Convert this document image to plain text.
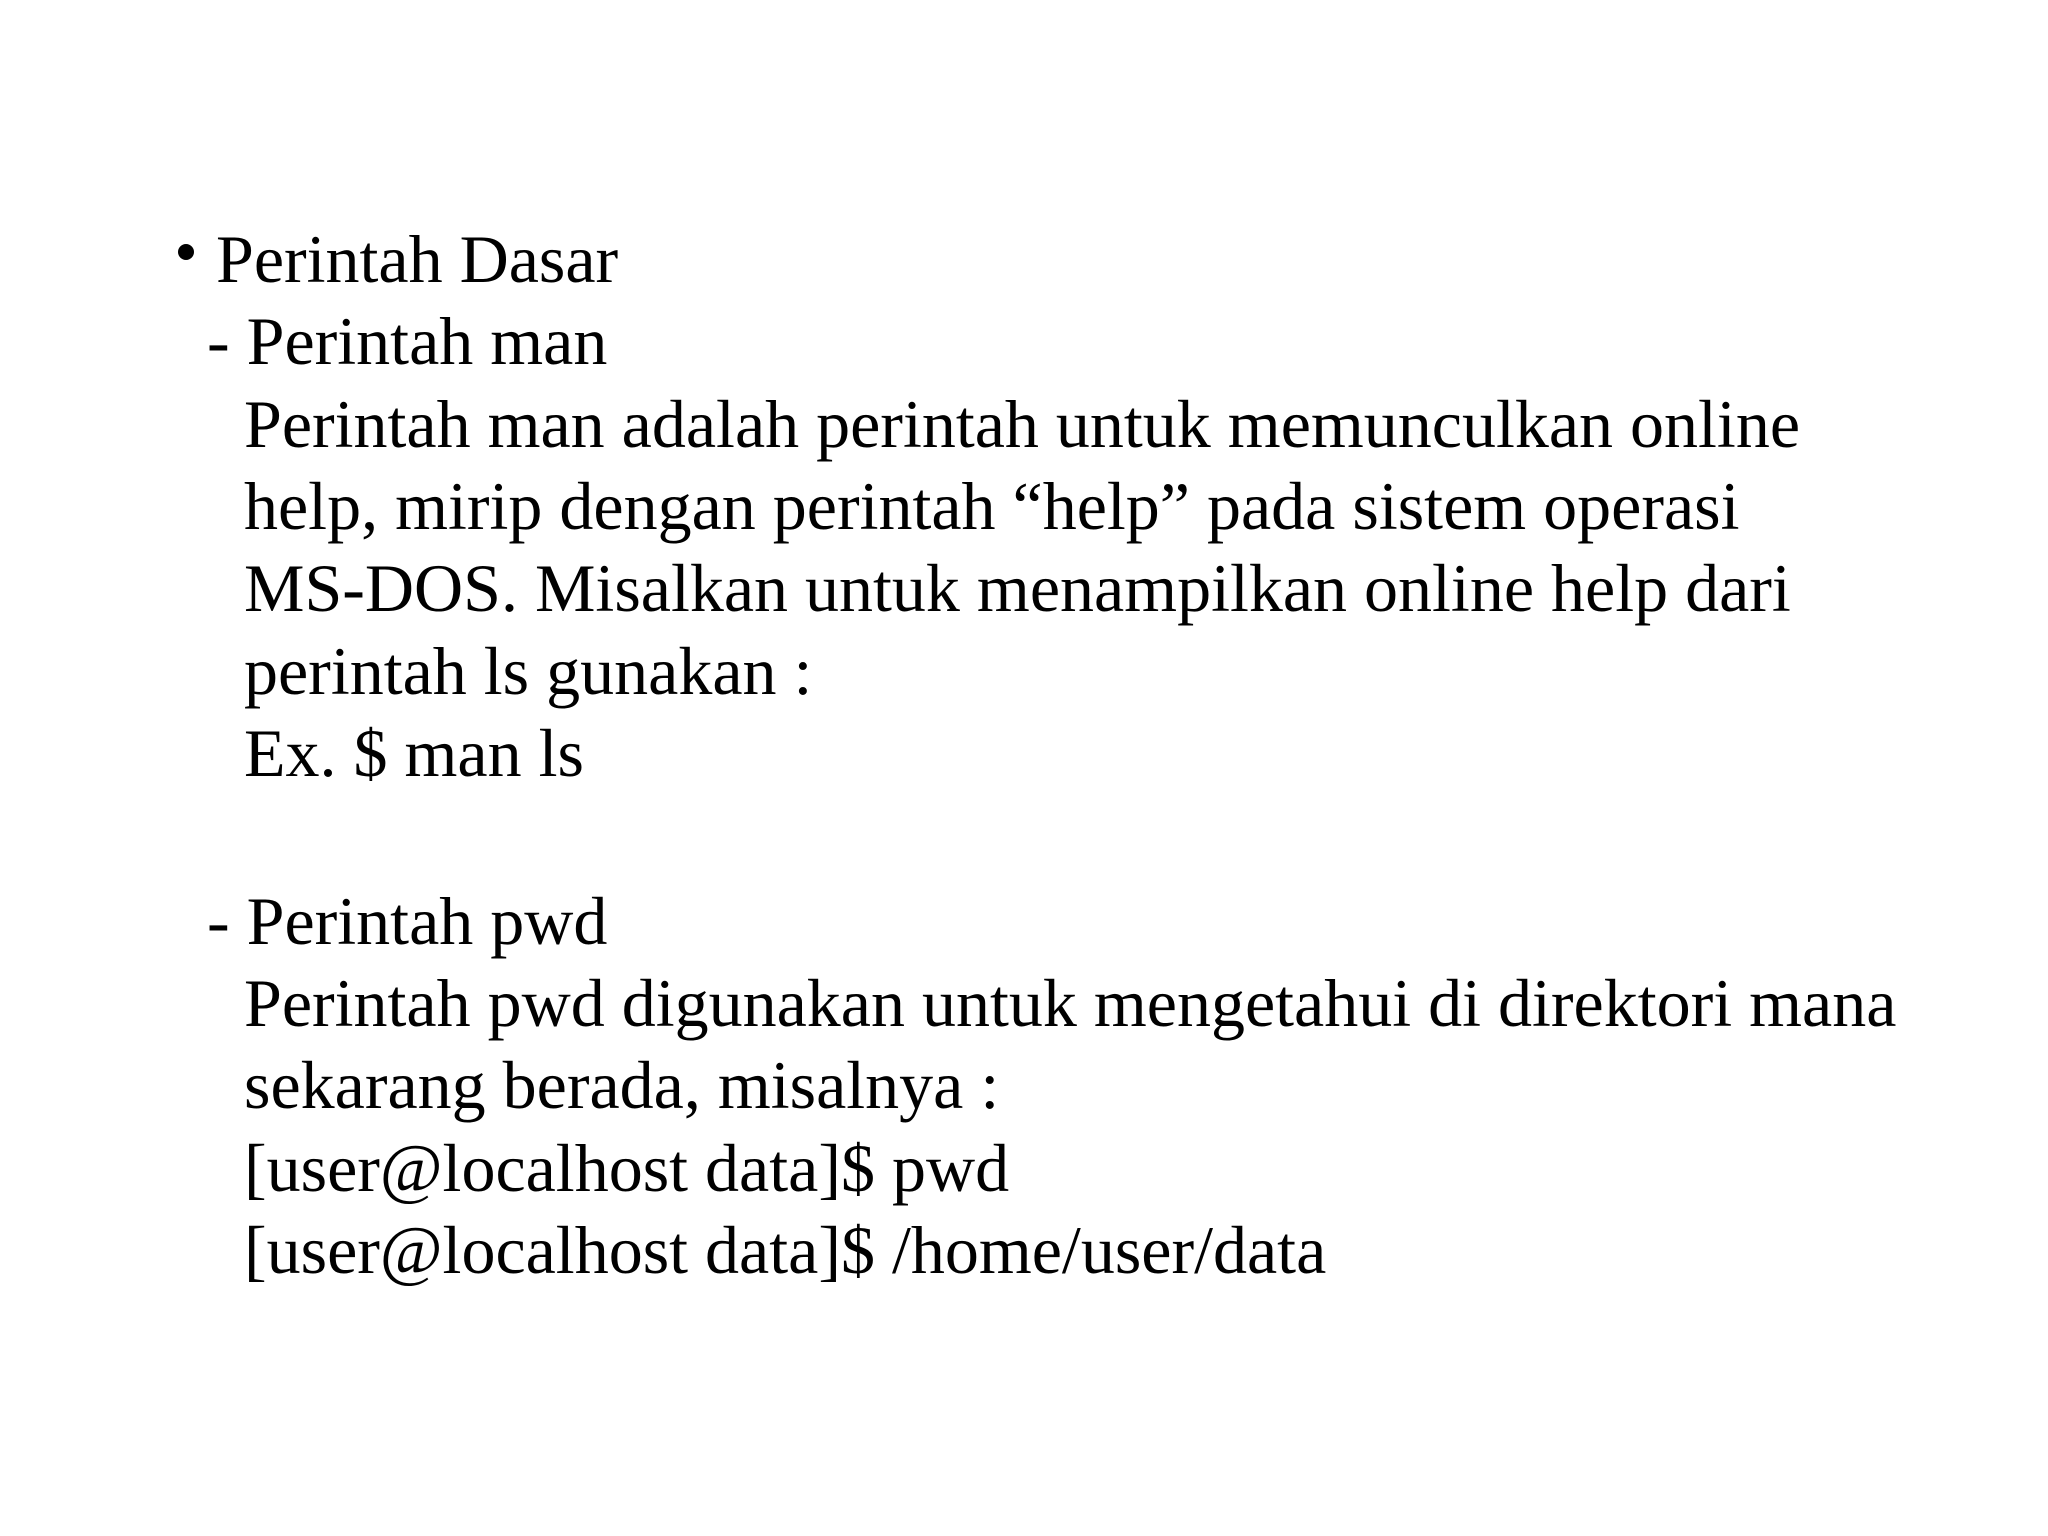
Perintah Dasar
- Perintah man
Perintah man adalah perintah untuk memunculkan online
help, mirip dengan perintah “help” pada sistem operasi
MS-DOS. Misalkan untuk menampilkan online help dari
perintah ls gunakan :
Ex. $ man ls
- Perintah pwd
Perintah pwd digunakan untuk mengetahui di direktori mana
sekarang berada, misalnya :
[user@localhost data]$ pwd
[user@localhost data]$ /home/user/data
